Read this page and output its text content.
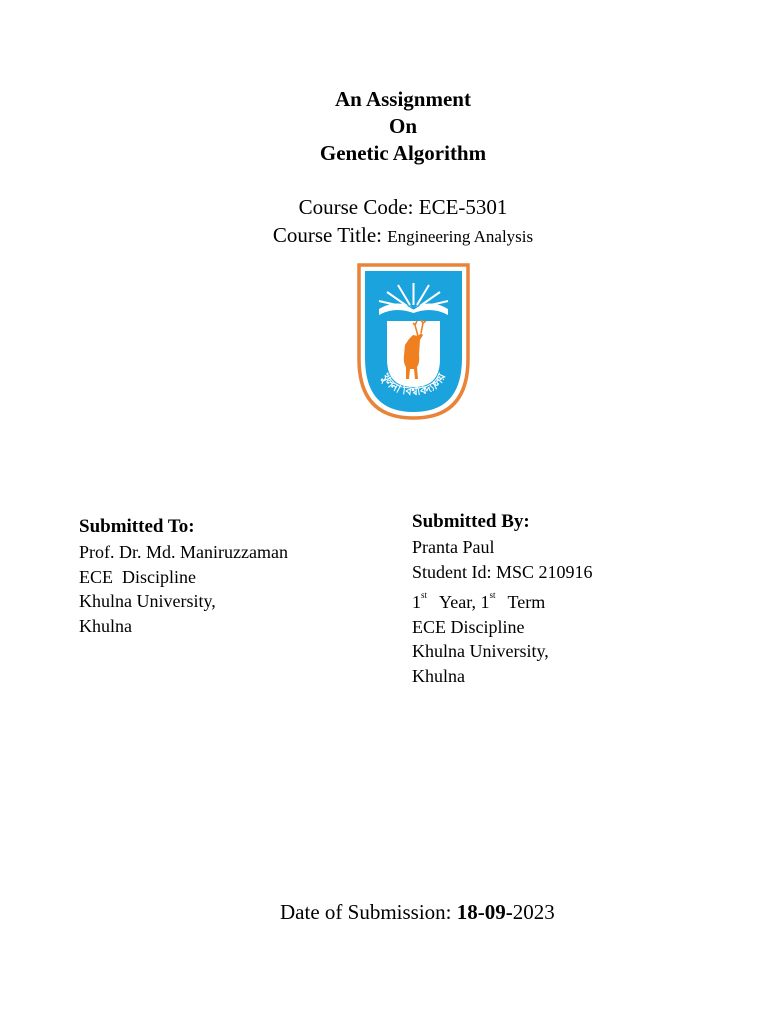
An Assignment
On
Genetic Algorithm
Course Code: ECE-5301
Course Title: Engineering Analysis
খুলনা বিশ্ববিদ্যালয়
Submitted To:
Prof. Dr. Md. Maniruzzaman
ECE  Discipline
Khulna University,
Khulna
Submitted By:
Pranta Paul
Student Id: MSC 210916
1st Year, 1st Term
ECE Discipline
Khulna University,
Khulna
Date of Submission: 18-09-2023
